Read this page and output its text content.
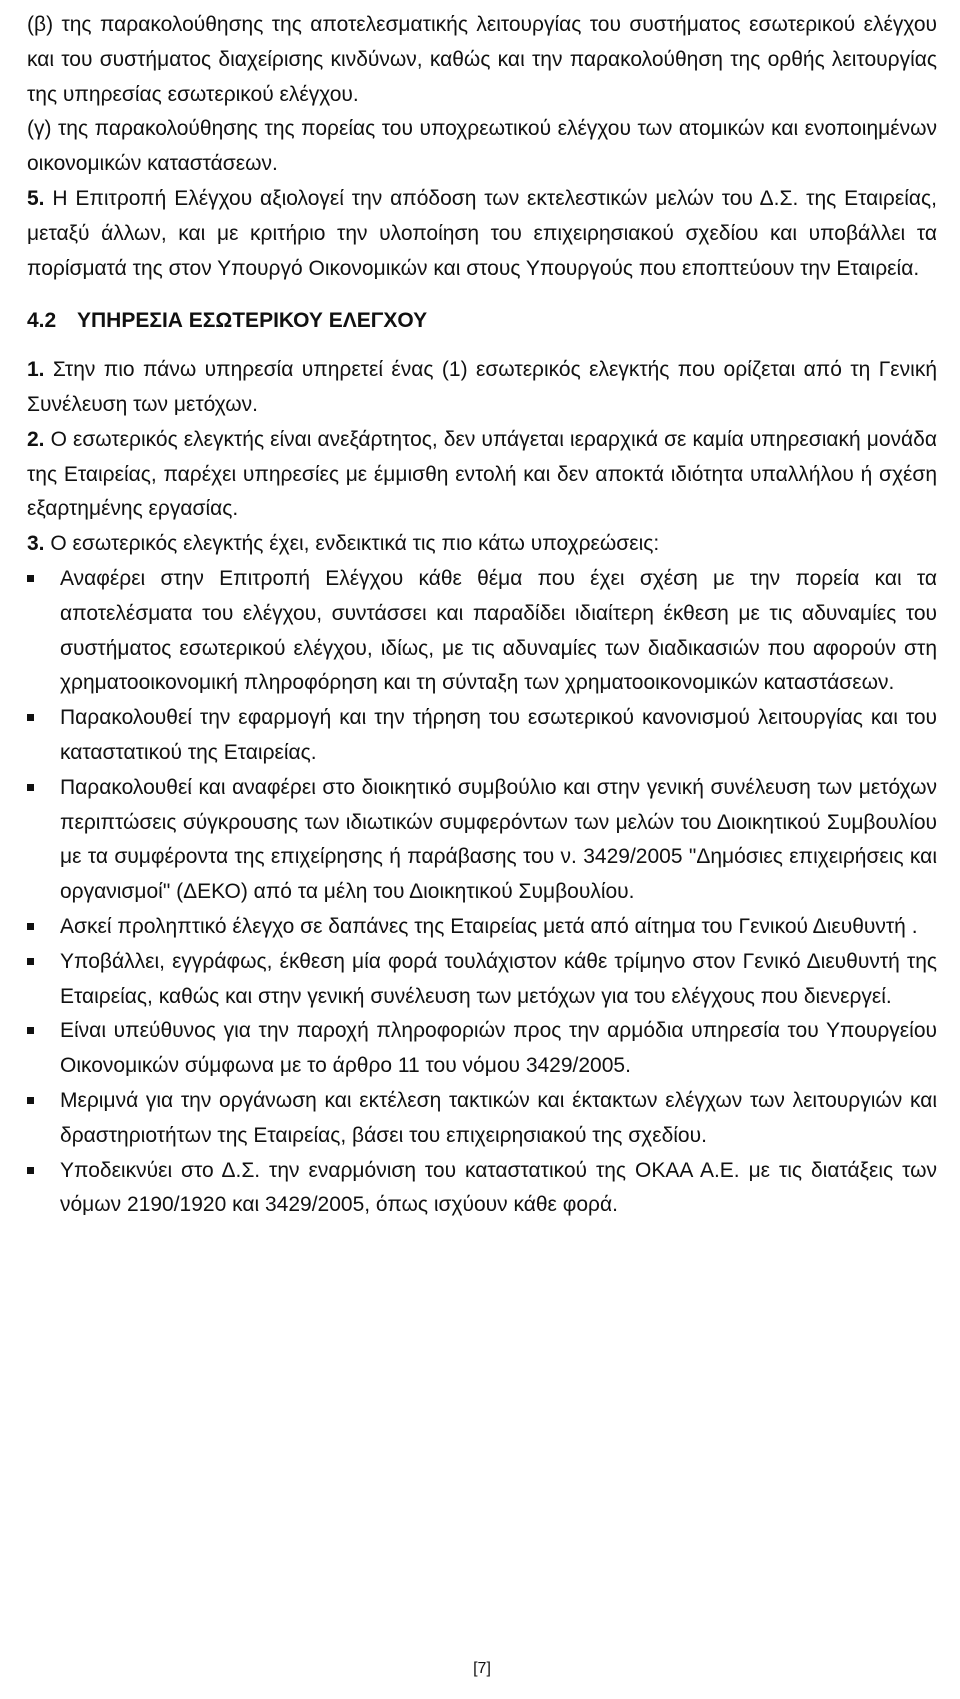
(β) της παρακολούθησης της αποτελεσματικής λειτουργίας του συστήματος εσωτερικού ελέγχου και του συστήματος διαχείρισης κινδύνων, καθώς και την παρακολούθηση της ορθής λειτουργίας της υπηρεσίας εσωτερικού ελέγχου.

(γ) της παρακολούθησης της πορείας του υποχρεωτικού ελέγχου των ατομικών και ενοποιημένων οικονομικών καταστάσεων.

5. Η Επιτροπή Ελέγχου αξιολογεί την απόδοση των εκτελεστικών μελών του Δ.Σ. της Εταιρείας, μεταξύ άλλων, και με κριτήριο την υλοποίηση του επιχειρησιακού σχεδίου και υποβάλλει τα πορίσματά της στον Υπουργό Οικονομικών και στους Υπουργούς που εποπτεύουν την Εταιρεία.

4.2 ΥΠΗΡΕΣΙΑ ΕΣΩΤΕΡΙΚΟΥ ΕΛΕΓΧΟΥ

1. Στην πιο πάνω υπηρεσία υπηρετεί ένας (1) εσωτερικός ελεγκτής που ορίζεται από τη Γενική Συνέλευση των μετόχων.

2. Ο εσωτερικός ελεγκτής είναι ανεξάρτητος, δεν υπάγεται ιεραρχικά σε καμία υπηρεσιακή μονάδα της Εταιρείας, παρέχει υπηρεσίες με έμμισθη εντολή και δεν αποκτά ιδιότητα υπαλλήλου ή σχέση εξαρτημένης εργασίας.

3. Ο εσωτερικός ελεγκτής έχει, ενδεικτικά τις πιο κάτω υποχρεώσεις:

Αναφέρει στην Επιτροπή Ελέγχου κάθε θέμα που έχει σχέση με την πορεία και τα αποτελέσματα του ελέγχου, συντάσσει και παραδίδει ιδιαίτερη έκθεση με τις αδυναμίες του συστήματος εσωτερικού ελέγχου, ιδίως, με τις αδυναμίες των διαδικασιών που αφορούν στη χρηματοοικονομική πληροφόρηση και τη σύνταξη των χρηματοοικονομικών καταστάσεων.
Παρακολουθεί την εφαρμογή και την τήρηση του εσωτερικού κανονισμού λειτουργίας και του καταστατικού της Εταιρείας.
Παρακολουθεί και αναφέρει στο διοικητικό συμβούλιο και στην γενική συνέλευση των μετόχων περιπτώσεις σύγκρουσης των ιδιωτικών συμφερόντων των μελών του Διοικητικού Συμβουλίου με τα συμφέροντα της επιχείρησης ή παράβασης του ν. 3429/2005 "Δημόσιες επιχειρήσεις και οργανισμοί" (ΔΕΚΟ) από τα μέλη του Διοικητικού Συμβουλίου.
Ασκεί προληπτικό έλεγχο σε δαπάνες της Εταιρείας μετά από αίτημα του Γενικού Διευθυντή .
Υποβάλλει, εγγράφως, έκθεση μία φορά τουλάχιστον κάθε τρίμηνο στον Γενικό Διευθυντή της Εταιρείας, καθώς και στην γενική συνέλευση των μετόχων για του ελέγχους που διενεργεί.
Είναι υπεύθυνος για την παροχή πληροφοριών προς την αρμόδια υπηρεσία του Υπουργείου Οικονομικών σύμφωνα με το άρθρο 11 του νόμου 3429/2005.
Μεριμνά για την οργάνωση και εκτέλεση τακτικών και έκτακτων ελέγχων των λειτουργιών και δραστηριοτήτων της Εταιρείας, βάσει του επιχειρησιακού της σχεδίου.
Υποδεικνύει στο Δ.Σ. την εναρμόνιση του καταστατικού της ΟΚΑΑ Α.Ε. με τις διατάξεις των νόμων 2190/1920 και 3429/2005, όπως ισχύουν κάθε φορά.
[7]
